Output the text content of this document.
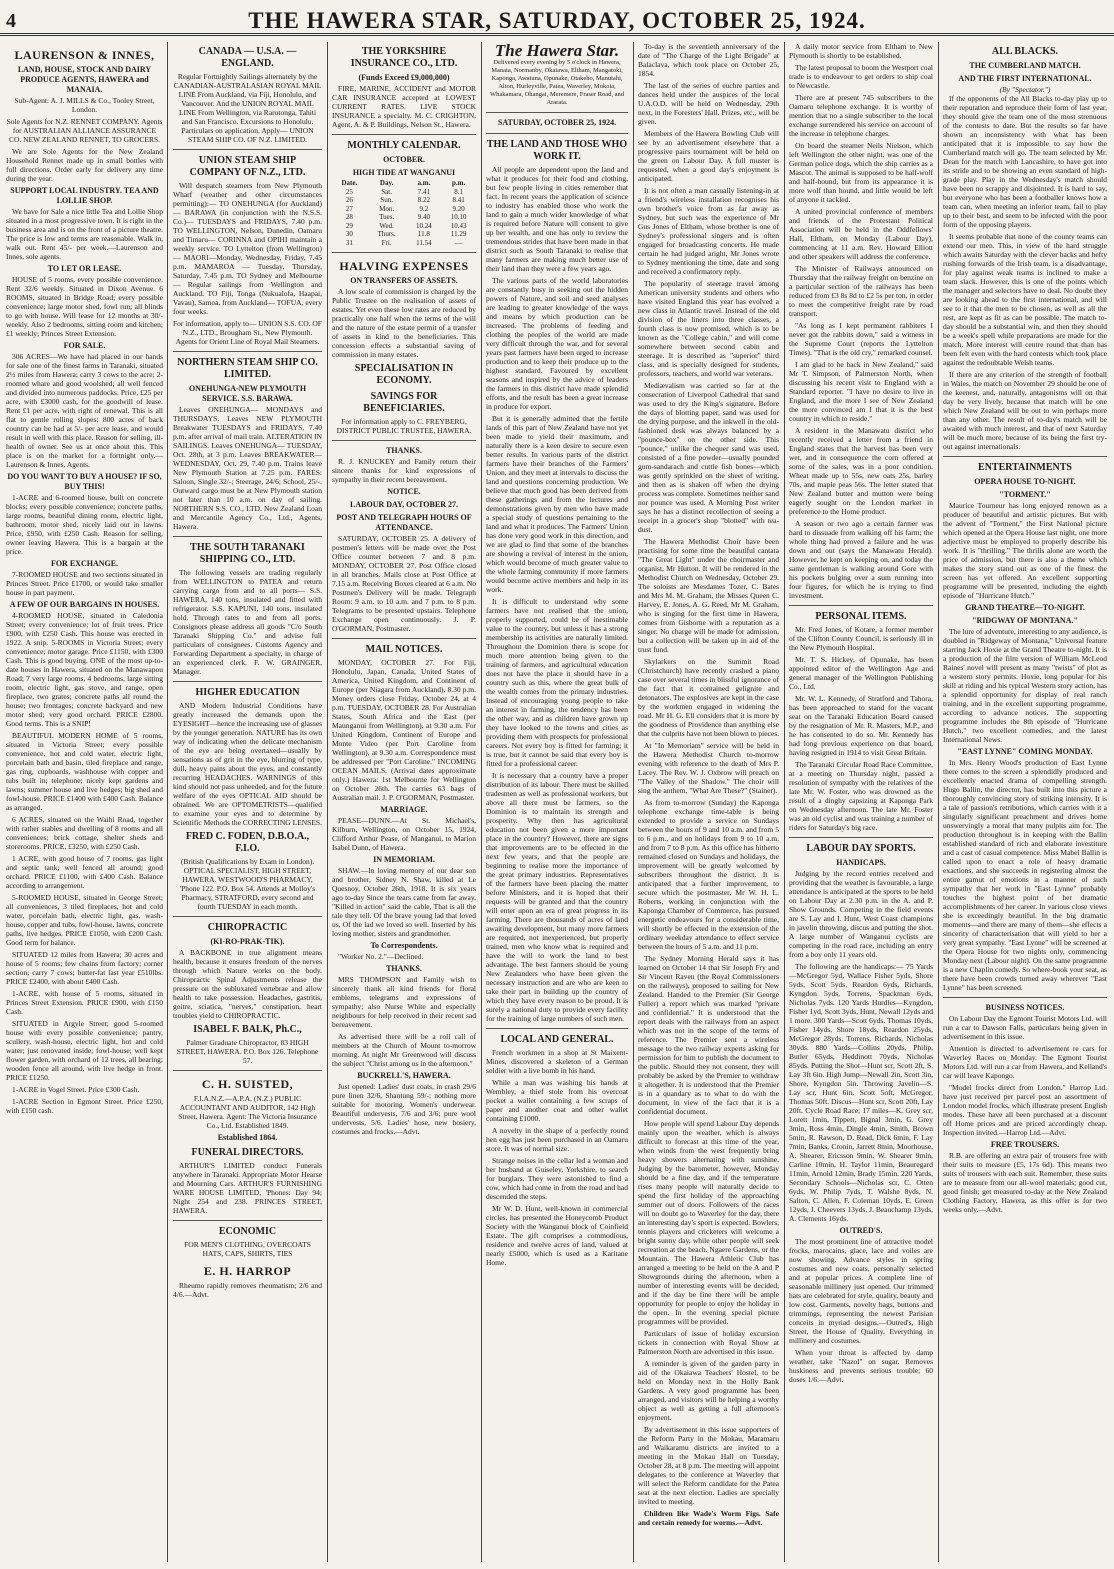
4	THE HAWERA STAR, SATURDAY, OCTOBER 25, 1924.
LAURENSON & INNES,
LAND, HOUSE, STOCK AND DAIRY PRODUCE AGENTS, HAWERA and MANAIA.

Sub-Agent: A. J. MILLS & Co., Tooley Street, London.

Sole Agents for N.Z. RENNET COMPANY. Agents for AUSTRALIAN ALLIANCE ASSURANCE CO. NEW ZEALAND RENNET, TO GROCERS.

We are Sole Agents for the New Zealand Household Rennet made up in small bottles with full directions. Order early for delivery any time during the year.

SUPPORT LOCAL INDUSTRY. TEA AND LOLLIE SHOP.

We have for Sale a nice little Tea and Lollie Shop situated in a most progressive town. It is right in the business area and is on the front of a picture theatre. The price is low and terms are reasonable. Walk in, walk out. Rent 45/- per week.—Laurenson and Innes, sole agents.

TO LET OR LEASE.

HOUSE of 5 rooms, every possible convenience. Rent 32/6 weekly. Situated in Dixon Avenue. 6 ROOMS, situated in Bridge Road; every possible convenience; large motor shed, fowl run; all blinds to go with house. Will lease for 12 months at 30/- weekly. Also 2 bedrooms, sitting room and kitchen; £1 weekly; Princes Street Extension.

FOR SALE.

306 ACRES—We have had placed in our hands for sale one of the finest farms in Taranaki, situated 2½ miles from Hawera; carry 3 cows to the acre; 2-roomed whare and good woolshed; all well fenced and divided into numerous paddocks. Price, £25 per acre, with £3000 cash, for the goodwill of lease. Rent £1 per acre, with right of renewal. This is all flat to gentle rolling slopes; 800 acres of back country can be had at 5/- per acre lease, and would result in well with this place. Reason for selling, ill-health of owner. See us at once about this. This place is on the market for a fortnight only.—Laurenson & Innes, Agents.

DO YOU WANT TO BUY A HOUSE? IF SO, BUY THIS!

1-ACRE and 6-roomed house, built on concrete blocks; every possible convenience; concrete paths, large rooms, beautiful dining room, electric light, bathroom, motor shed, nicely laid out in lawns. Price, £950, with £250 Cash. Reason for selling, owner leaving Hawera. This is a bargain at the price.

FOR EXCHANGE.

7-ROOMED HOUSE and two sections situated in Princes Street. Price £1700, or would take smaller house in part payment.

A FEW OF OUR BARGAINS IN HOUSES.

4-ROOMED HOUSE, situated in Caledonia Street; every convenience; lot of fruit trees. Price £900, with £250 Cash. This house was erected in 1922. A snip. 5-ROOMS in Victoria Street; every convenience; motor garage. Price £1150, with £300 Cash. This is good buying. ONE of the most up-to-date houses in Hawera, situated on the Manawapou Road; 7 very large rooms, 4 bedrooms, large sitting room, electric light, gas stove, and range, open fireplace, two grates; concrete paths all round the house; two frontages; concrete backyard and new motor shed; very good orchard. PRICE £2800. Good terms. This is a SNIP!

BEAUTIFUL MODERN HOME of 5 rooms, situated in Victoria Street; every possible convenience, hot and cold water, electric light, porcelain bath and basin, tiled fireplace and range, gas ring, cupboards, washhouse with copper and tubs built in; telephone; nicely kept gardens and lawns; summer house and live hedges; big shed and fowl-house. PRICE £1400 with £400 Cash. Balance as arranged.

6 ACRES, situated on the Waihi Road, together with rather stables and dwelling of 8 rooms and all conveniences; brick cottage, shelter sheds and storerooms. PRICE, £3250, with £250 Cash.

1 ACRE, with good house of 7 rooms, gas light and septic tank; well fenced all around; good orchard. PRICE £1100, with £400 Cash. Balance according to arrangement.

5-ROOMED HOUSE, situated in George Street; all conveniences, 3 tiled fireplaces, hot and cold water, porcelain bath, electric light, gas, wash-house, copper and tubs, fowl-house, lawns, concrete paths, live hedges. PRICE £1050, with £200 Cash. Good term for balance.

SITUATED 12 miles from Hawera; 30 acres and house of 5 rooms; few chains from factory; corner section; carry 7 cows; butter-fat last year £510lbs. PRICE £2400, with about £400 Cash.

1-ACRE, with house of 5 rooms, situated in Princes Street Extension. PRICE £900, with £150 Cash.

SITUATED in Argyle Street; good 5-roomed house with every possible convenience; pantry, scullery, wash-house, electric light, hot and cold water; just renovated inside; fowl-house; well kept flower garden, with orchard of 12 trees, all bearing; wooden fence all around, with live hedge in front. PRICE £1250.

1-ACRE in Vogel Street. Price £300 Cash.

1-ACRE Section in Egmont Street. Price £250, with £150 cash.

CANADA — U.S.A. — ENGLAND.

Regular Fortnightly Sailings alternately by the CANADIAN-AUSTRALASIAN ROYAL MAIL LINE From Auckland, via Fiji, Honolulu, and Vancouver. And the UNION ROYAL MAIL LINE From Wellington, via Rarotonga, Tahiti and San Francisco. Excursions to Honolulu. Particulars on application. Apply— UNION STEAM SHIP CO. OF N.Z. LIMITED.

UNION STEAM SHIP COMPANY OF N.Z., LTD.

Will despatch steamers from New Plymouth Wharf (weather and other circumstances permitting):— TO ONEHUNGA (for Auckland)— BARAWA (in conjunction with the N.S.S. Co.)— TUESDAYS and FRIDAYS, 7.40 p.m. TO WELLINGTON, Nelson, Dunedin, Oamaru and Timaru— CORINNA and OPIHI maintain a weekly service. TO Lyttelton (from Wellington)— MAORI—Monday, Wednesday, Friday, 7.45 p.m. MAMAROA — Tuesday, Thursday, Saturday, 7.45 p.m. TO Sydney and Melbourne— Regular sailings from Wellington and Auckland. TO Fiji, Tonga (Nukualofa, Haapai, Vavau), Samoa, from Auckland— TOFUA, every four weeks.

For information, apply to— UNION S.S. CO. OF N.Z., LTD., Brougham St., New Plymouth. Agents for Orient Line of Royal Mail Steamers.

NORTHERN STEAM SHIP CO. LIMITED.
ONEHUNGA-NEW PLYMOUTH SERVICE. S.S. BARAWA.

Leaves ONEHUNGA— MONDAYS and THURSDAYS. Leaves NEW PLYMOUTH Breakwater TUESDAYS and FRIDAYS, 7.40 p.m. after arrival of mail train. ALTERATION IN SAILINGS. Leaves ONEHUNGA— TUESDAY, Oct. 28th, at 3 p.m. Leaves BREAKWATER— WEDNESDAY, Oct. 29, 7.40 p.m. Trains leave New Plymouth Station at 7.25 p.m. FARES: Saloon, Single 32/-; Steerage, 24/6; School, 25/-. Outward cargo must be at New Plymouth station not later than 10 a.m. on day of sailing. NORTHERN S.S. CO., LTD. New Zealand Loan and Mercantile Agency Co., Ltd., Agents, Hawera.

THE SOUTH TARANAKI SHIPPING CO., LTD.

The following vessels are trading regularly from WELLINGTON to PATEA and return carrying cargo from and to all ports— S.S. HAWERA, 140 tons, insulated and fitted with refrigerator. S.S. KAPUNI, 140 tons, insulated hold. Through rates to and from all ports. Consignors please address all goods "C/o South Taranaki Shipping Co." and advise full particulars of consignees. Customs Agency and Forwarding Department a specialty, in charge of an experienced clerk. F. W. GRAINGER, Manager.

HIGHER EDUCATION

AND Modern Industrial Conditions have greatly increased the demands upon the EYESIGHT—hence the increasing use of glasses by the younger generation. NATURE has its own way of indicating when the delicate mechanism of the eye are being overtaxed—usually by sensations as of grit in the eye, blurring of type, dull, heavy pains about the eyes, and constantly recurring HEADACHES. WARNINGS of this kind should not pass unheeded, and for the future welfare of the eyes OPTICAL AID should be obtained. We are OPTOMETRISTS—qualified to examine your eyes and to determine by Scientific Methods the CORRECTING LENSES.

FRED C. FODEN, D.B.O.A., F.I.O.

(British Qualifications by Exam in London). OPTICAL SPECIALIST, HIGH STREET, HAWERA. WESTWOOD'S PHARMACY, 'Phone 122. P.O. Box 54. Attends at Molloy's Pharmacy, STRATFORD, every second and fourth TUESDAY in each month.

CHIROPRACTIC
(KI-RO-PRAK-TIK).

A BACKBONE in true alignment means health, because it ensures freedom of the nerves through which Nature works on the body. Chiropractic Spinal Adjustments release the pressure on the subluxated vertebrae and allow health to take possession. Headaches, gastritis, goitre, sciatica, "nerves," constipation, heart troubles yield to CHIROPRACTIC.

ISABEL F. BALK, Ph.C.,

Palmer Graduate Chiropractor, 83 HIGH STREET, HAWERA. P.O. Box 126. Telephone 57.

C. H. SUISTED,

F.I.A.N.Z.—A.P.A. (N.Z.) PUBLIC ACCOUNTANT AND AUDITOR, 142 High Street, Hawera. Agent: The Victoria Insurance Co., Ltd. Established 1849.

Established 1864.
FUNERAL DIRECTORS.

ARTHUR'S LIMITED conduct Funerals anywhere in Taranaki. Appropriate Motor Hearse and Mourning Cars. ARTHUR'S FURNISHING WARE HOUSE LIMITED, 'Phones: Day 94; Night 254 and 238. PRINCES STREET, HAWERA.

ECONOMIC

FOR MEN'S CLOTHING, OVERCOATS HATS, CAPS, SHIRTS, TIES

E. H. HARROP

Rheumo rapidly removes rheumatism; 2/6 and 4/6.—Advt.

THE YORKSHIRE INSURANCE CO., LTD.
(Funds Exceed £9,000,000)

FIRE, MARINE, ACCIDENT and MOTOR CAR INSURANCE accepted at LOWEST CURRENT RATES. LIVE STOCK INSURANCE a specialty. M. C. CRIGHTON, Agent, A. & P. Buildings, Nelson St., Hawera.

MONTHLY CALENDAR.
OCTOBER.
HIGH TIDE AT WANGANUI
Date.	Day.	a.m.	p.m.
25	Sat.	7.41	8.1
26	Sun.	8.22	8.41
27	Mon.	9.2	9.20
28	Tues.	9.40	10.10
29	Wed.	10.24	10.43
30	Thurs.	11.8	11.29
31	Fri.	11.54	—
HALVING EXPENSES
ON TRANSFERS OF ASSETS.

A low scale of commission is charged by the Public Trustee on the realisation of assets of estates. Yet even these low rates are reduced by practically one half when the terms of the will and the nature of the estate permit of a transfer of assets in kind to the beneficiaries. This concession effects a substantial saving of commission in many estates.

SPECIALISATION IN ECONOMY.
SAVINGS FOR BENEFICIARIES.

For information apply to C. FREYBERG, DISTRICT PUBLIC TRUSTEE, HAWERA.

THANKS.

R. J. KNUCKEY and Family return their sincere thanks for kind expressions of sympathy in their recent bereavement.

NOTICE.
LABOUR DAY, OCTOBER 27.
POST AND TELEGRAPH HOURS OF ATTENDANCE.

SATURDAY, OCTOBER 25. A delivery of postmen's letters will be made over the Post Office counter between 7 and 8 p.m. MONDAY, OCTOBER 27. Post Office closed in all branches. Mails close at Post Office at 7.15 a.m. Receiving Boxes cleared at 6 a.m. No Postmen's Delivery will be made. Telegraph Room: 9 a.m. to 10 a.m. and 7 p.m. to 8 p.m. Telegrams to be presented upstairs. Telephone Exchange open continuously. J. P. O'GORMAN, Postmaster.

MAIL NOTICES.

MONDAY, OCTOBER 27. For Fiji, Honolulu, Japan, Canada, United States of America, United Kingdom, and Continent of Europe (per Niagara from Auckland), 8.30 p.m. Money orders close Friday, October 24, at 4 p.m. TUESDAY, OCTOBER 28. For Australian States, South Africa and the East (per Maunganui from Wellington), at 9.30 a.m. For United Kingdom, Continent of Europe and Monte Video (per Port Caroline from Wellington), at 9.30 a.m. Correspondence must be addressed per "Port Caroline." INCOMING OCEAN MAILS. (Arrival dates approximate only.) Hawera: 1st Melbourne for Wellington on October 26th. The carries 63 bags of Australian mail. J. P. O'GORMAN, Postmaster.

MARRIAGE.

PEASE—DUNN.—At St. Michael's, Kilburn, Wellington, on October 15, 1924, Clifford Arthur Pease, of Manganui, to Marion Isabel Dunn, of Hawera.

IN MEMORIAM.

SHAW.—In loving memory of our dear son and brother, Sidney N. Shaw, killed at Le Quesnoy, October 26th, 1918. It is six years ago to-day Since the tears came from far away, "Killed in action" said the cable, That is all the tale they tell. Of the brave young lad that loved us, Of the lad we loved so well. Inserted by his loving mother, sisters and grandmother.

To Correspondents.

"Worker No. 2."—Declined.

THANKS.

MRS THOMPSON and Family wish to sincerely thank all kind friends for floral emblems, telegrams and expressions of sympathy; also Nurse White and especially neighbours for help received in their recent sad bereavement.

As advertised there will be a roll call of members at the Church of Mount to-morrow morning. At night Mr Greenwood will discuss the subject "Christ among us in the afternoon."

BUCKRELL'S, HAWERA.

Just opened: Ladies' dust coats, in crash 29/6 pure linen 32/6, Shantung 59/-; nothing more suitable for motoring. Women's underwear. Beautiful undervests, 7/6 and 3/6; pure wool undervests, 5/6. Ladies' hose, new hosiery, costumes and frocks.—Advt.

The Hawera Star.

Delivered every evening by 5 o'clock in Hawera, Manaia, Normanby, Okaiawa, Eltham, Mangatoki, Kaponga, Awatuna, Opunake, Otakeho, Manutahi, Alton, Hurleyville, Patea, Waverley, Mokoia, Whakamara, Ohangai, Meremere, Fraser Road, and Ararata.

SATURDAY, OCTOBER 25, 1924.
THE LAND AND THOSE WHO WORK IT.

All people are dependent upon the land and what it produces for their food and clothing, but few people living in cities remember that fact. In recent years the application of science to industry has enabled those who work the land to gain a much wider knowledge of what is required before Nature will consent to give up her wealth, and one has only to review the tremendous strides that have been made in that district such as South Taranaki to realise that many farmers are making much better use of their land than they were a few years ago.

The various parts of the world laboratories are constantly busy in seeking out the hidden powers of Nature, and soil and seed analyses are leading to greater knowledge of the ways and means by which production can be increased. The problems of feeding and clothing the peoples of the world are made very difficult through the war, and for several years past farmers have been urged to increase production and to keep their produce up to the highest standard. Favoured by excellent seasons and inspired by the advice of leaders the farmers in this district have made splendid efforts, and the result has been a great increase in produce for export.

But it is generally admitted that the fertile lands of this part of New Zealand have not yet been made to yield their maximum, and naturally there is a keen desire to secure even better results. In various parts of the district farmers have their branches of the Farmers' Union, and they meet at intervals to discuss the land and questions concerning production. We believe that much good has been derived from these gatherings and from the lectures and demonstrations given by men who have made a special study of questions pertaining to the land and what it produces. The Farmers' Union has done very good work in this direction, and we are glad to find that some of the branches are showing a revival of interest in the union, which would become of much greater value to the whole farming community if more farmers would become active members and help in its work.

It is difficult to understand why some farmers have not realised that the union, properly supported, could be of inestimable value to the country, but unless it has a strong membership its activities are naturally limited. Throughout the Dominion there is scope for much more attention being given to the training of farmers, and agricultural education does not have the place it should have in a country such as this, where the great bulk of the wealth comes from the primary industries. Instead of encouraging young people to take an interest in farming, the tendency has been the other way, and as children have grown up they have looked to the towns and cities as providing them with prospects for professional careers. Not every boy is fitted for farming; it is true, but it cannot be said that every boy is fitted for a professional career.

It is necessary that a country have a proper distribution of its labour. There must be skilled tradesmen as well as professional workers, but above all there must be farmers, so the Dominion is to maintain its strength and prosperity. Why then has agricultural education not been given a more important place in the country? However, there are signs that improvements are to be effected in the next few years, and that the people are beginning to realise more the importance of the great primary industries. Representatives of the farmers have been placing the matter before Ministers, and it is hoped that their requests will be granted and that the country will enter upon an era of great progress in its farming. There are thousands of acres of land awaiting development, but many more farmers are required, not inexperienced, but properly trained, men who know what is required and have the will to work the land to best advantage. The best farmers should be young New Zealanders who have been given the necessary instruction and are who are keen to take their part in building up the country of which they have every reason to be proud. It is surely a national duty to provide every facility for the training of large numbers of such men.

LOCAL AND GENERAL.

French workmen in a shop at St Maixent-Mines, discovered a skeleton of a German soldier with a live bomb in his hand.

While a man was washing his hands at Wembley, a thief stole from his overcoat pocket a wallet containing a few scraps of paper and another coat and other wallet containing £1000.

A novelty in the shape of a perfectly round hen egg has just been purchased in an Oamaru store. It was of normal size.

Strange noises in the cellar led a woman and her husband at Guiseley, Yorkshire, to search for burglars. They were astonished to find a cow, which had come in from the road and had descended the steps.

Mr W. D. Hunt, well-known in commercial circles, has presented the Honeycomb Product Society with the Wanganui block of Coinfield Estate. The gift comprises a commodious, residence and twelve acres of land, valued at nearly £5000, which is used as a Karitane Home.

To-day is the seventieth anniversary of the date of "The Charge of the Light Brigade" at Balaclava, which took place on October 25, 1854.

The last of the series of euchre parties and dances held under the auspices of the local U.A.O.D. will be held on Wednesday, 29th next, in the Foresters' Hall. Prizes, etc., will be given.

Members of the Hawera Bowling Club will see by an advertisement elsewhere that a progressive pairs tournament will be held on the green on Labour Day. A full muster is requested, when a good day's enjoyment is anticipated.

It is not often a man casually listening-in at a friend's wireless installation recognises his own brother's voice from as far away as Sydney, but such was the experience of Mr Gus Jones of Eltham, whose brother is one of Sydney's professional singers and is often engaged for broadcasting concerts. He made certain he had judged aright, Mr Jones wrote to Sydney mentioning the time, date and song and received a confirmatory reply.

The popularity of steerage travel among American university students and others who have visited England this year has evolved a new class in Atlantic travel. Instead of the old division of the liners into three classes, a fourth class is now promised, which is to be known as the "College cabin," and will come somewhere between second cabin and steerage. It is described as "superior" third class, and is specially designed for students, professors, teachers, and world war veterans.

Mediævalism was carried so far at the consecration of Liverpool Cathedral that sand was used to dry the King's signature. Before the days of blotting paper, sand was used for the drying purpose, and the inkwell in the old-fashioned desk was always balanced by a "pounce-box" on the other side. This "pounce," unlike the chequer sand was used, consisted of a fine powder—usually pounded gum-sandarach and cuttle fish bones—which was gently sprinkled on the sheet of writing, and then as is shaken off when the drying process was complete. Sometimes neither sand nor pounce was used. A Morning Post writer says he has a distinct recollection of seeing a receipt in a grocer's shop "blotted" with tea-dust.

The Hawera Methodist Choir have been practising for some time the beautiful cantata "The Great Light" under the choirmaster and organist, Mr Hutton. It will be rendered in the Methodist Church on Wednesday, October 29. The soloists are Mesdames Tozer, C. Bates and Mrs M. M. Graham, the Misses Queen C. Harvey, E. Jones, A. G. Reed, Mr M. Graham, who is singing for the first time in Hawera, comes from Gisborne with a reputation as a singer. No charge will be made for admission, but a collection will be taken up in aid of the trust fund.

Skylarkers on the Summit Road (Christchurch) have recently crashed a piano case over several times in blissful ignorance of the fact that it contained gelignite and detonators. The explosives are kept in the case by the workmen engaged in widening the road. Mr H. G. Ell considers that it is more by the goodness of Providence than anything else that the culprits have not been blown to pieces.

At "In Memoriam" service will be held in the Hawera Methodist Church to-morrow evening with reference to the death of Mrs P. Lacey. The Rev. W. J. Oxbrow will preach on "The Valley of the Shadow." The choir will sing the anthem, "What Are These?" (Stainer).

As from to-morrow (Sunday) the Kaponga telephone exchange time-table is being extended to provide a service on Sundays between the hours of 9 and 10 a.m. and from 5 to 6 p.m., and on holidays from 9 to 10 a.m. and from 7 to 8 p.m. As this office has hitherto remained closed on Sundays and holidays, the improvement will be greatly welcomed by subscribers throughout the district. It is anticipated that a further improvement, to secure which the postmaster, Mr W. H. L. Roberts, working in conjunction with the Kaponga Chamber of Commerce, has pursued energetic endeavours for a considerable time, will shortly be effected in the extension of the ordinary weekday attendance to effect service between the hours of 5 a.m. and 11 p.m.

The Sydney Morning Herald says it has learned on October 14 that Sir Joseph Fry and Sir Vincent Raven (the Royal Commissioners on the railways), proposed to sailing for New Zealand. Handed to the Premier (Sir George Fuller) a report which was marked "private and confidential." It is understood that the report deals with the railways from an aspect which was not in the scope of the terms of reference. The Premier sent a wireless message to the two railway experts asking for permission for him to publish the document to the public. Should they not consent, they will probably be asked by the Premier to withdraw it altogether. It is understood that the Premier is in a quandary as to what to do with the document, in view of the fact that it is a confidential document.

How people will spend Labour Day depends mainly upon the weather, which is always difficult to forecast at this time of the year, when winds from the west frequently bring heavy showers alternating with sunshine. Judging by the barometer, however, Monday should be a fine day, and if the temperature rises many people will naturally decide to spend the first holiday of the approaching summer out of doors. Followers of the races will no doubt go to Waverley for the day, there an interesting day's sport is expected. Bowlers, tennis players and cricketers will welcome a bright sunny day, while other people will seek recreation at the beach. Ngaere Gardens, or the Mountain. The Hawera Athletic Club has arranged a meeting to be held on the A and P Showgrounds during the afternoon, when a number of interesting events will be decided, and if the day be fine there will be ample opportunity for people to enjoy the holiday in the open. In the evening special picture programmes will be provided.

Particulars of issue of holiday excursion tickets in connection with Royal Show at Palmerston North are advertised in this issue.

A reminder is given of the garden party in aid of the Okaiawa Teachers' Hostel, to be held on Monday next in the Holly Bank Gardens. A very good programme has been arranged, and visitors will be helping a worthy object as well as getting a full afternoon's enjoyment.

By advertisement in this issue supporters of the Reform Party in the Mokau, Maramaru and Waikaramu districts are invited to a meeting in the Mokau Hall on Tuesday, October 28, at 8 p.m. The meeting will appoint delegates to the conference at Waverley that will select the Reform candidate for the Patea seat at the next election. Ladies are specially invited to meeting.

Children like Wade's Worm Figs. Safe and certain remedy for worms.—Advt.

A daily motor service from Eltham to New Plymouth is shortly to be established.

The latest proposal to boom the Westport coal trade is to endeavour to get orders to ship coal to Newcastle.

There are at present 745 subscribers to the Oamaru telephone exchange. It is worthy of mention that no a single subscriber to the local exchange surrendered his service on account of the increase in telephone charges.

On board the steamer Neils Nielson, which left Wellington the other night, was one of the German police dogs, which the ship carries as a Mascot. The animal is supposed to be half-wolf and half-hound, but from its appearance it is more wolf than hound, and little would be left of anyone it tackled.

A united provincial conference of members and friends of the Protestant Political Association will be held in the Oddfellows' Hall, Eltham, on Monday (Labour Day), commencing at 11 a.m. Rev. Howard Elliott and other speakers will address the conference.

The Minister of Railways announced on Thursday that the railway freight on benzine on a particular section of the railways has been reduced from £3 8s 8d to £2 5s per ton, in order to meet the competitive freight rate by road transport.

"As long as I kept permanent rabbiters I never got the rabbits down," said a witness in the Supreme Court (reports the Lyttelton Times). "That is the old cry," remarked counsel.

I am glad to be back in New Zealand," said Mr T. Simpson, of Palmerston North, when discussing his recent visit to England with a Standard reporter. "I have no desire to live in England, and the more I see of New Zealand the more convinced am I that it is the best country in which to reside."

A resident in the Manawatu district who recently received a letter from a friend in England states that the harvest has been very wet, and in consequence the corn offered at some of the sales, was in a poor condition. Wheat made up to 55s, new oats 25s, barley 70s, and maple peas 56s. The letter stated that New Zealand butter and mutton were being eagerly sought on the London market in preference to the Home product.

A season or two ago a certain farmer was hard to dissuade from walking off his farm; the whole thing had proved a failure and he was down and out (says the Manawatu Herald). However, he kept on keeping on, and today the same gentleman is walking around Gore with his pockets bulging over a sum running into four figures, for which he is trying to find investment.

PERSONAL ITEMS.

Mr. Fred Jones, of Kotare, a former member of the Clifton County Council, is seriously ill in the New Plymouth Hospital.

Mr. T. S. Hickey, of Opunake, has been appointed editor of the Wellington Age and general manager of the Wellington Publishing Co., Ltd.

Mr. W. L. Kennedy, of Stratford and Tahora, has been approached to stand for the vacant seat on the Taranaki Education Board caused by the resignation of Mr. R. Masters, M.P., and he has consented to do so. Mr. Kennedy has had long previous experience on that board, having resigned in 1914 to visit Great Britain.

The Taranaki Circular Road Race Committee, at a meeting on Thursday night, passed a resolution of sympathy with the relatives of the late Mr. W. Foster, who was drowned as the result of a dinghy capsizing at Kaponga Park on Wednesday afternoon. The late Mr. Foster was an old cyclist and was training a number of riders for Saturday's big race.

LABOUR DAY SPORTS.
HANDICAPS.

Judging by the record entries received and providing that the weather is favourable, a large attendance is anticipated at the sports to be held on Labour Day at 2.30 p.m. in the A. and P. Show Grounds. Competing in the field events are S. Lay and I. Hunt, West Coast champions in javelin throwing, discus and putting the shot. A large number of Wanganui cyclists are competing in the road race, including an entry from a boy only 11 years old.

The following are the handicaps:— 75 Yards—McGregor 5yd, Wallace Fisher 5yds, Shore 5yds, Scott 5yds, Reardon 6yds, Richards, Kyngdon 5yds, Torrens, Spackman 6yds, Nicholas 7yds. 120 Yards Hurdles—Kyngdon, Fisher 1yd, Scott 3yds, Hunt, Newall 12yds and 1 more. 300 Yards—Scott 6yds, Thomas 10yds, Fisher 14yds, Shore 18yds, Reardon 25yds, McGregor 28yds, Torrens, Richards, Nicholas 30yds. 880 Yards—Collins 20yds, Philip, Butler 65yds, Heddinott 70yds, Nicholas 85yds. Putting the Shot—Hunt scr, Scott 2ft, S. Lay 3ft 6in. High Jump—Newall 2in, Scott 3in, Shore, Kyngdon 5in. Throwing Javelin—S. Lay scr, Hunt 6in, Scott 5oft, McGregor, Thomas 50ft. Discus—Hunt scr, Scott 20ft, Lay 20ft. Cycle Road Race; 17 miles—K. Grey scr, Lorett 1min, Tippett, Bignal 3min, G. Grey 3min, Ross 4min, Dingle 4min, Smith, Brown 5min, R. Rawson, D. Read, Dick 6min, F. Lay 7min, Banks, Cronin, Jarrett 8min, Moorhouse, A. Shearer, Ericsson 9min, W. Shearer 9min, Carline 10min, H. Taylor 11min, Beauregard 11min, Arnold 12min, Brady 15min. 220 Yards, Secondary Schools—Nicholas scr, C. Otten 6yds, W. Philip 7yds, T. Walshe 8yds, N. Salton, C. Allen, F. Coleman 10yds, E. Green 12yds, J. Cheevers 13yds, J. Beauchamp 13yds, A. Clements 16yds.

OUTRED'S.

The most prominent line of attractive model frocks, marocains, glace, lace and voiles are now showing. Advance styles in spring costumes and new coats, personally selected and at popular prices. A complete line of seasonable millinery just opened. Our trimmed hats are celebrated for style, quality, beauty and low cost. Garments, novelty bags, buttons and trimmings, representing the newest Parisian conceits in myriad designs.—Outred's, High Street, the House of Quality. Everything in millinery and costumes.

When your throat is affected by damp weather, take "Nazol" on sugar. Removes huskiness and prevents serious trouble; 60 doses 1/6.—Advt.

ALL BLACKS.
THE CUMBERLAND MATCH.
AND THE FIRST INTERNATIONAL.
(By "Spectator.")

If the opponents of the All Blacks to-day play up to their reputation and reproduce their form of last year, they should give the team one of the most strenuous of the contests to date. But the results so far have shown an inconsistency with what has been anticipated that it is impossible to say how the Cumberland match will go. The team selected by Mr. Dean for the match with Lancashire, to have got into its stride and to be showing an even standard of high-grade play. Play in the Wednesday's match should have been no scrappy and disjointed. It is hard to say, but everyone who has been a footballer knows how a team can, when meeting an inferior team, fail to play up to their best, and seem to be infected with the poor form of the opposing players.

It seems probable that none of the county teams can extend our men. This, in view of the hard struggle which awaits Saturday with the clever backs and hefty rushing forwards of the Irish team, is a disadvantage, for play against weak teams is inclined to make a team slack. However, this is one of the points which the manager and selectors have to deal. No doubt they are looking ahead to the first international, and will see to it that the men to be chosen, as well as all the rest, are kept as fit as can be possible. The match to-day should be a substantial win, and then they should be a week's spell while preparations are made for the match. More interest will centre round that than has been felt even with the hard contests which took place against the redoubtable Welsh teams.

If there are any criterion of the strength of football in Wales, the match on November 29 should be one of the keenest, and, naturally, antagonisms will on that day be very lively, because that match will be one which New Zealand will be out to win perhaps more than any other. The result of to-day's match will be awaited with much interest, and that of next Saturday will be much more, because of its being the first try-out against internationals.

ENTERTAINMENTS
OPERA HOUSE TO-NIGHT.
"TORMENT."

Maurice Tourneur has long enjoyed renown as a producer of beautiful and artistic pictures. But with the advent of "Torment," the First National picture which opened at the Opera House last night, one more adjective must be employed to properly describe his work. It is "thrilling." The thrills alone are worth the price of admission, but there is also a theme which makes the story stand out as one of the finest the screen has yet offered. An excellent supporting programme will be presented, including the eighth episode of "Hurricane Hutch."

GRAND THEATRE—TO-NIGHT.
"RIDGWAY OF MONTANA."

The lure of adventure, interesting to any audience, is doubled in "Ridgeway of Montana," Universal feature starring Jack Hoxie at the Grand Theatre to-night. It is a production of the film version of William McLeod Raines' novel will present as many "twists" of plot as a western story permits. Hoxie, long popular for his skill at riding and his typical Western story action, has a splendid opportunity for display of real ranch training, and in the excellent supporting programme, according to advance notices. The supporting programme includes the 8th episode of "Hurricane Hutch," two excellent comedies, and the latest International News.

"EAST LYNNE" COMING MONDAY.

In Mrs. Henry Wood's production of East Lynne there comes to the screen a splendidly produced and excellently enacted drama of compelling strength. Hugo Ballin, the director, has built into this picture a thoroughly convincing story of striking intensity. It is a tale of passion's retributions, which carries with it a singularly significant preachment and drives home unswervingly a moral that many pulpits aim for. The production throughout is in keeping with the Ballin established standard of rich and elaborate investiture and a cast of casual competence. Miss Mabel Ballin is called upon to enact a role of heavy dramatic exactions, and she succeeds in registering almost the entire gamut of emotions in a manner of such sympathy that her work in "East Lynne" probably touches the highest point of her dramatic accomplishments of her career. In various close views she is exceedingly beautiful. In the big dramatic moments—and there are many of them—she effects a sincerity of characterisation that will yield to her a very great sympathy. "East Lynne" will be screened at the Opera House for two nights only, commencing Monday next (Labour night). On the same programme is a new Chaplin comedy. So where-book your seat, as there have been crowds turned away wherever "East Lynne" has been screened.

BUSINESS NOTICES.

On Labour Day the Egmont Tourist Motors Ltd. will run a car to Dawson Falls, particulars being given in advertisement in this issue.

Attention is directed to advertisement re cars for Waverley Races on Monday. The Egmont Tourist Motors Ltd. will run a car from Hawera, and Kelland's car will leave Kapongo.

"Model frocks direct from London." Harrop Ltd. have just received per parcel post an assortment of London model frocks, which illustrate present English modes. These have all been purchased at a discount off Home prices and are priced accordingly cheap. Inspection invited.—Harrop Ltd.—Advt.

FREE TROUSERS.

R.B. are offering an extra pair of trousers free with their suits to measure (£5, 17s 6d). This means two suits of trousers with each suit. Remember, these suits are to measure from our all-wool materials; good cut, good finish; get measured to-day at the New Zealand Clothing Factory, Hawera, as this offer is for two weeks only.—Advt.
